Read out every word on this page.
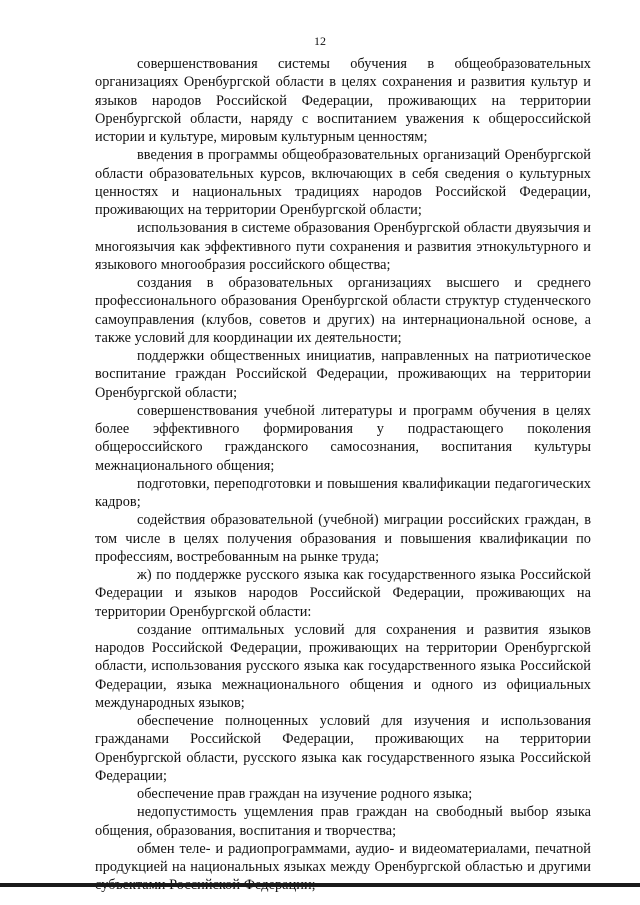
12

совершенствования системы обучения в общеобразовательных организациях Оренбургской области в целях сохранения и развития культур и языков народов Российской Федерации, проживающих на территории Оренбургской области, наряду с воспитанием уважения к общероссийской истории и культуре, мировым культурным ценностям;

введения в программы общеобразовательных организаций Оренбургской области образовательных курсов, включающих в себя сведения о культурных ценностях и национальных традициях народов Российской Федерации, проживающих на территории Оренбургской области;

использования в системе образования Оренбургской области двуязычия и многоязычия как эффективного пути сохранения и развития этнокультурного и языкового многообразия российского общества;

создания в образовательных организациях высшего и среднего профессионального образования Оренбургской области структур студенческого самоуправления (клубов, советов и других) на интернациональной основе, а также условий для координации их деятельности;

поддержки общественных инициатив, направленных на патриотическое воспитание граждан Российской Федерации, проживающих на территории Оренбургской области;

совершенствования учебной литературы и программ обучения в целях более эффективного формирования у подрастающего поколения общероссийского гражданского самосознания, воспитания культуры межнационального общения;

подготовки, переподготовки и повышения квалификации педагогических кадров;

содействия образовательной (учебной) миграции российских граждан, в том числе в целях получения образования и повышения квалификации по профессиям, востребованным на рынке труда;

ж) по поддержке русского языка как государственного языка Российской Федерации и языков народов Российской Федерации, проживающих на территории Оренбургской области:

создание оптимальных условий для сохранения и развития языков народов Российской Федерации, проживающих на территории Оренбургской области, использования русского языка как государственного языка Российской Федерации, языка межнационального общения и одного из официальных международных языков;

обеспечение полноценных условий для изучения и использования гражданами Российской Федерации, проживающих на территории Оренбургской области, русского языка как государственного языка Российской Федерации;

обеспечение прав граждан на изучение родного языка;

недопустимость ущемления прав граждан на свободный выбор языка общения, образования, воспитания и творчества;

обмен теле- и радиопрограммами, аудио- и видеоматериалами, печатной продукцией на национальных языках между Оренбургской областью и другими
